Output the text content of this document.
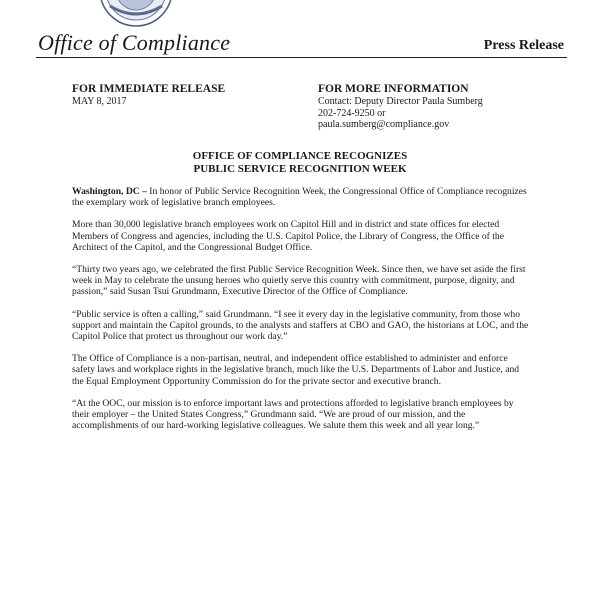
Office of Compliance	Press Release
FOR IMMEDIATE RELEASE
MAY 8, 2017
FOR MORE INFORMATION
Contact: Deputy Director Paula Sumberg
202-724-9250 or
paula.sumberg@compliance.gov
OFFICE OF COMPLIANCE RECOGNIZES
PUBLIC SERVICE RECOGNITION WEEK

Washington, DC – In honor of Public Service Recognition Week, the Congressional Office of Compliance recognizes the exemplary work of legislative branch employees.

More than 30,000 legislative branch employees work on Capitol Hill and in district and state offices for elected Members of Congress and agencies, including the U.S. Capitol Police, the Library of Congress, the Office of the Architect of the Capitol, and the Congressional Budget Office.

“Thirty two years ago, we celebrated the first Public Service Recognition Week. Since then, we have set aside the first week in May to celebrate the unsung heroes who quietly serve this country with commitment, purpose, dignity, and passion,” said Susan Tsui Grundmann, Executive Director of the Office of Compliance.

“Public service is often a calling,” said Grundmann. “I see it every day in the legislative community, from those who support and maintain the Capitol grounds, to the analysts and staffers at CBO and GAO, the historians at LOC, and the Capitol Police that protect us throughout our work day.”

The Office of Compliance is a non-partisan, neutral, and independent office established to administer and enforce safety laws and workplace rights in the legislative branch, much like the U.S. Departments of Labor and Justice, and the Equal Employment Opportunity Commission do for the private sector and executive branch.

“At the OOC, our mission is to enforce important laws and protections afforded to legislative branch employees by their employer – the United States Congress,” Grundmann said. “We are proud of our mission, and the accomplishments of our hard-working legislative colleagues. We salute them this week and all year long.”
